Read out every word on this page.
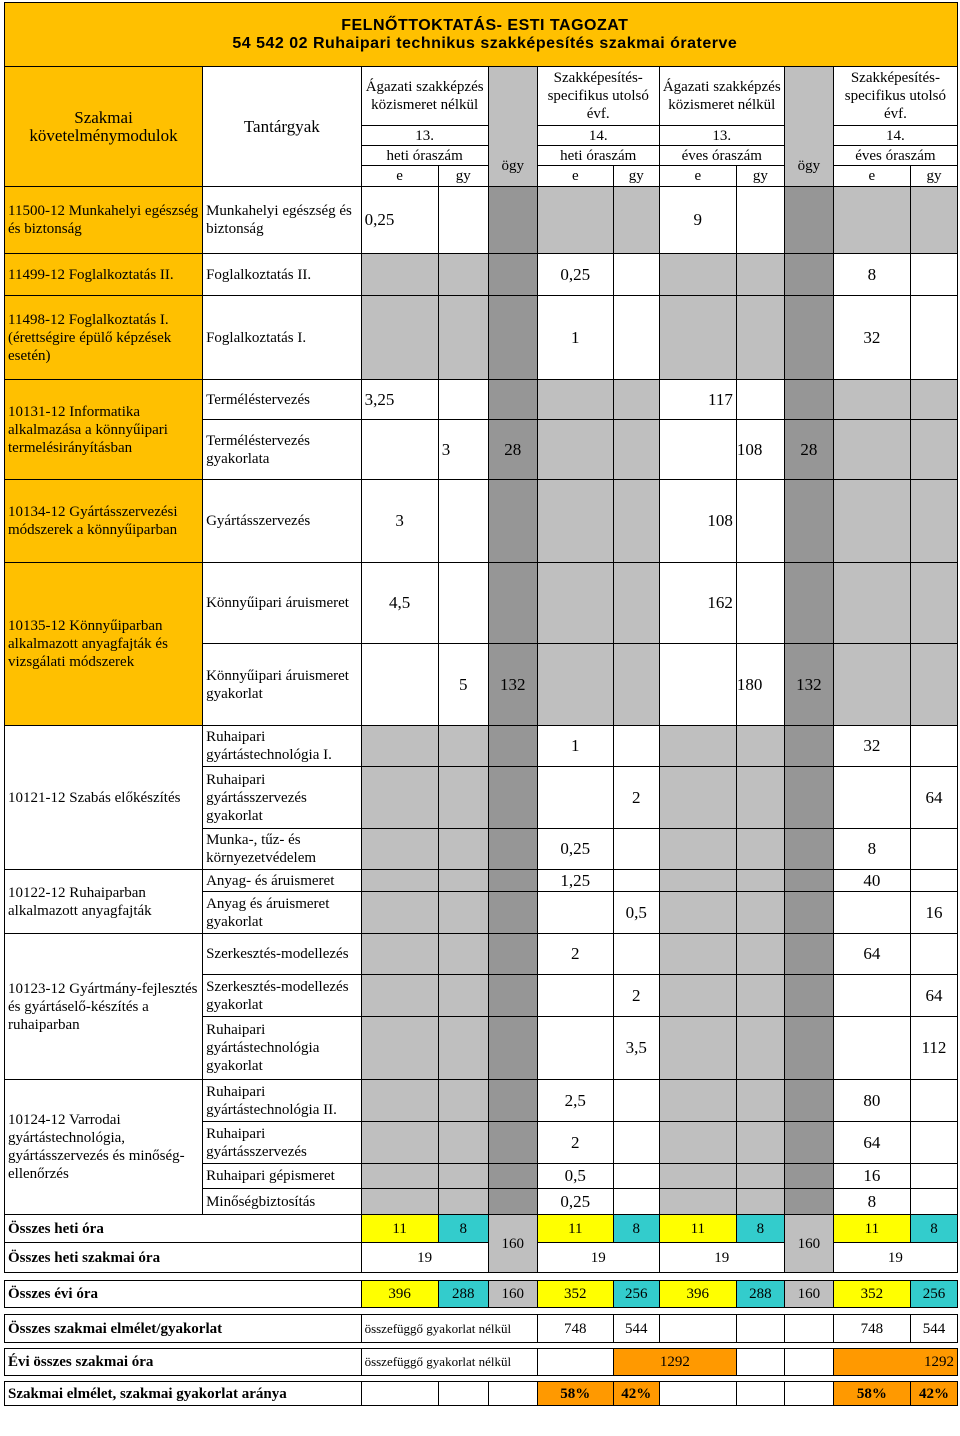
	FELNŐTTOKTATÁS- ESTI TAGOZAT
54 542 02 Ruhaipari technikus szakképesítés szakmai óraterve										

Szakmai követelménymodulok	Tantárgyak	Ágazati szakképzés közismeret nélkül			Szakképesítés-specifikus utolsó évf.		Ágazati szakképzés közismeret nélkül			Szakképesítés-specifikus utolsó évf.	
		13.			14.		13.			14.	
		heti óraszám		ögy	heti óraszám		éves óraszám		ögy	éves óraszám	
		e	gy		e	gy	e	gy		e	gy
11500-12 Munkahelyi egészség és biztonság	Munkahelyi egészség és biztonság	0,25					9				
11499-12 Foglalkoztatás II.	Foglalkoztatás II.				0,25					8	
11498-12 Foglalkoztatás I. (érettségire épülő képzések esetén)	Foglalkoztatás I.				1					32	
10131-12 Informatika alkalmazása a könnyűipari termelésirányításban	Terméléstervezés	3,25					117				
	Terméléstervezés gyakorlata		3	28				108	28		
10134-12 Gyártásszervezési módszerek a könnyűiparban	Gyártásszervezés	3					108				
10135-12 Könnyűiparban alkalmazott anyagfajták és vizsgálati módszerek	Könnyűipari áruismeret	4,5					162				
	Könnyűipari áruismeret gyakorlat		5	132				180	132		
10121-12 Szabás előkészítés	Ruhaipari gyártástechnológia I.				1					32	
	Ruhaipari gyártásszervezés gyakorlat					2					64
	Munka-, tűz- és környezetvédelem				0,25					8	
10122-12 Ruhaiparban alkalmazott anyagfajták	Anyag- és áruismeret				1,25					40	
	Anyag és áruismeret gyakorlat					0,5					16
10123-12 Gyártmány-fejlesztés és gyártáselő-készítés a ruhaiparban	Szerkesztés-modellezés				2					64	
	Szerkesztés-modellezés gyakorlat					2					64
	Ruhaipari gyártástechnológia gyakorlat					3,5					112
10124-12 Varrodai gyártástechnológia, gyártásszervezés és minőség-ellenőrzés	Ruhaipari gyártástechnológia II.				2,5					80	
	Ruhaipari gyártásszervezés				2					64	
	Ruhaipari gépismeret				0,5					16	
	Minőségbiztosítás				0,25					8	
Összes heti óra		11	8	160	11	8	11	8	160	11	8
Összes heti szakmai óra		19			19		19			19	

Összes évi óra		396	288	160	352	256	396	288	160	352	256

Összes szakmai elmélet/gyakorlat		összefüggő gyakorlat nélkül			748	544				748	544

Évi összes szakmai óra		összefüggő gyakorlat nélkül				1292				1292	

Szakmai elmélet, szakmai gyakorlat aránya					58%	42%				58%	42%
